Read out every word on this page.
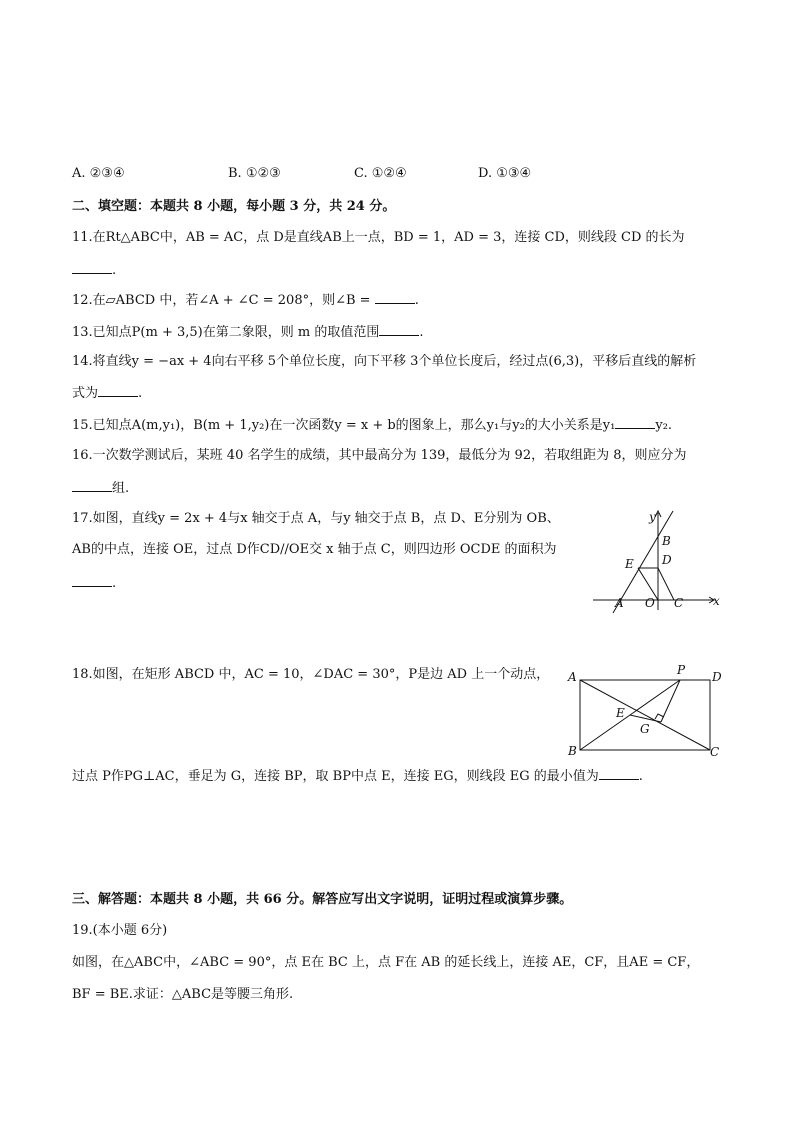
A. ②③④	B. ①②③	C. ①②④	D. ①③④
二、填空题：本题共 8 小题，每小题 3 分，共 24 分。
11.在Rt△ABC中，AB = AC，点 D是直线AB上一点，BD = 1，AD = 3，连接 CD，则线段 CD 的长为
.
12.在▱ABCD 中，若∠A + ∠C = 208°，则∠B =	.
13.已知点P(m + 3,5)在第二象限，则 m 的取值范围	.
14.将直线y = −ax + 4向右平移 5个单位长度，向下平移 3个单位长度后，经过点(6,3)，平移后直线的解析
式为	.
15.已知点A(m,y₁)，B(m + 1,y₂)在一次函数y = x + b的图象上，那么y₁与y₂的大小关系是y₁	y₂.
16.一次数学测试后，某班 40 名学生的成绩，其中最高分为 139，最低分为 92，若取组距为 8，则应分为
组.
17.如图，直线y = 2x + 4与x 轴交于点 A，与y 轴交于点 B，点 D、E分别为 OB、
AB的中点，连接 OE，过点 D作CD//OE交 x 轴于点 C，则四边形 OCDE 的面积为
.
y
x
B
D
E
A O C
18.如图，在矩形 ABCD 中，AC = 10，∠DAC = 30°，P是边 AD 上一个动点， A	P D
E
G
B	C
过点 P作PG⊥AC，垂足为 G，连接 BP，取 BP中点 E，连接 EG，则线段 EG 的最小值为	.
三、解答题：本题共 8 小题，共 66 分。解答应写出文字说明，证明过程或演算步骤。
19.(本小题 6分)
如图，在△ABC中，∠ABC = 90°，点 E在 BC 上，点 F在 AB 的延长线上，连接 AE，CF，且AE = CF，
BF = BE.求证：△ABC是等腰三角形.
